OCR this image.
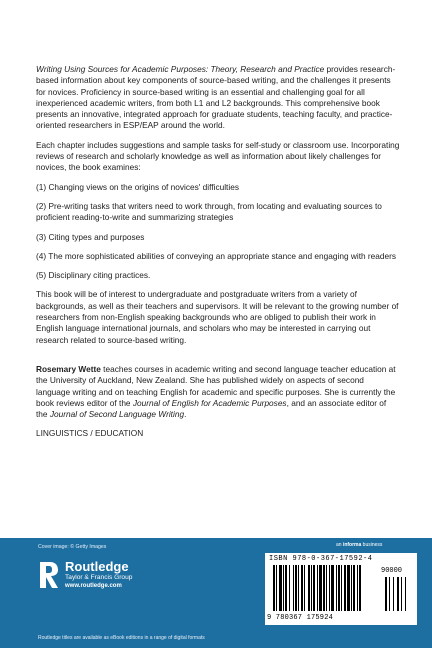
Writing Using Sources for Academic Purposes: Theory, Research and Practice provides research-based information about key components of source-based writing, and the challenges it presents for novices. Proficiency in source-based writing is an essential and challenging goal for all inexperienced academic writers, from both L1 and L2 backgrounds. This comprehensive book presents an innovative, integrated approach for graduate students, teaching faculty, and practice-oriented researchers in ESP/EAP around the world.

Each chapter includes suggestions and sample tasks for self-study or classroom use. Incorporating reviews of research and scholarly knowledge as well as information about likely challenges for novices, the book examines:

(1) Changing views on the origins of novices' difficulties

(2) Pre-writing tasks that writers need to work through, from locating and evaluating sources to proficient reading-to-write and summarizing strategies

(3) Citing types and purposes

(4) The more sophisticated abilities of conveying an appropriate stance and engaging with readers

(5) Disciplinary citing practices.

This book will be of interest to undergraduate and postgraduate writers from a variety of backgrounds, as well as their teachers and supervisors. It will be relevant to the growing number of researchers from non-English speaking backgrounds who are obliged to publish their work in English language international journals, and scholars who may be interested in carrying out research related to source-based writing.

Rosemary Wette teaches courses in academic writing and second language teacher education at the University of Auckland, New Zealand. She has published widely on aspects of second language writing and on teaching English for academic and specific purposes. She is currently the book reviews editor of the Journal of English for Academic Purposes, and an associate editor of the Journal of Second Language Writing.

LINGUISTICS / EDUCATION

Cover image: © Getty Images
Routledge
Taylor & Francis Group
www.routledge.com
an informa business
ISBN 978-0-367-17592-4
9 780367 175924
90000
Routledge titles are available as eBook editions in a range of digital formats
